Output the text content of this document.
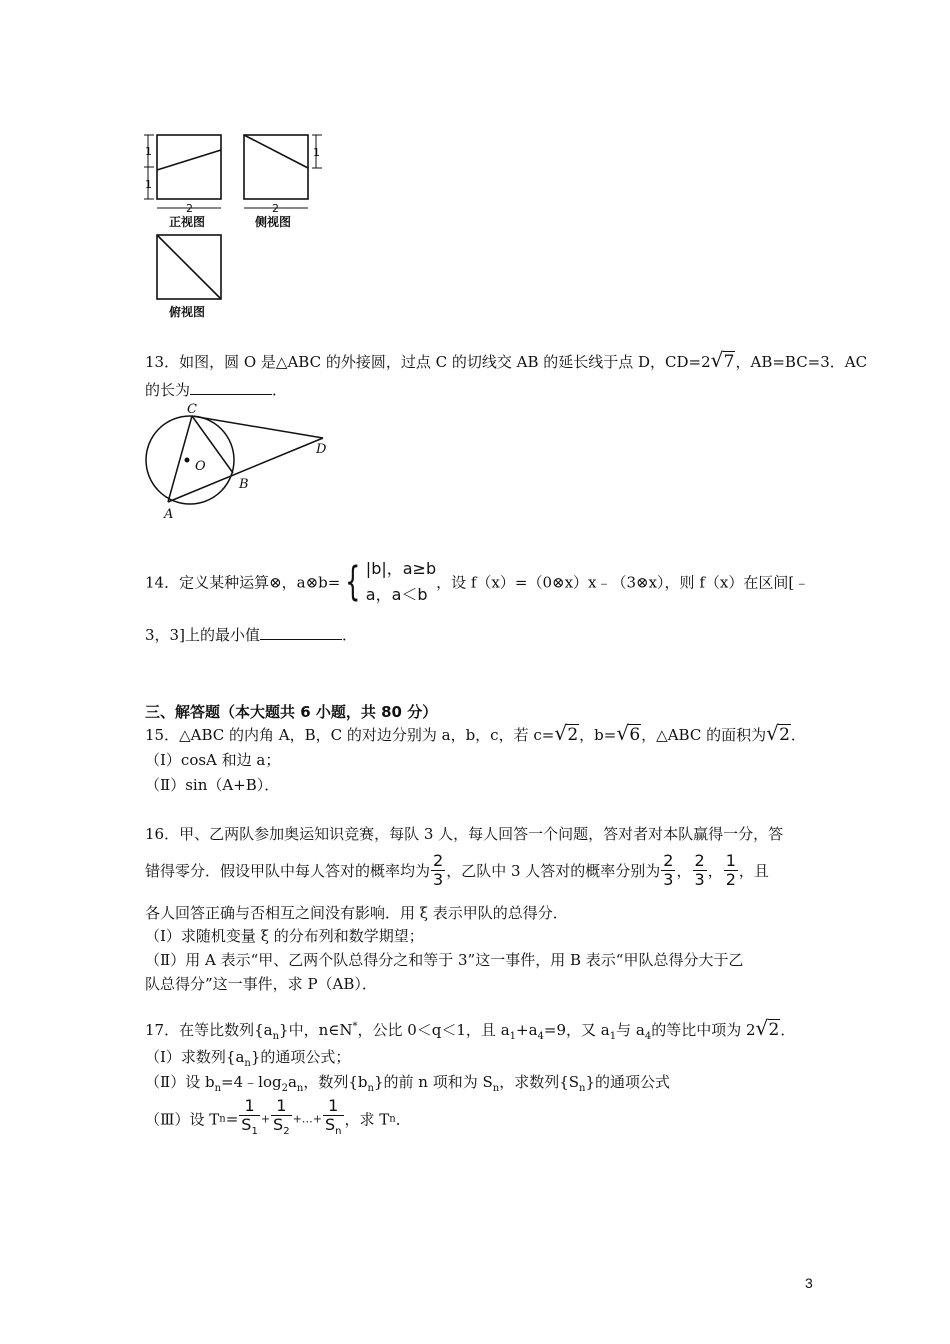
2	2
1
1
1
正视图	侧视图
俯视图
13．如图，圆 O 是△ABC 的外接圆，过点 C 的切线交 AB 的延长线于点 D，CD=2 √ 7，AB=BC=3．AC
的长为	．
C
O
B
A
D
14．定义某种运算⊗，a⊗b= { |b|，a≥b
a，a＜b
，设 f（x）=（0⊗x）x﹣（3⊗x），则 f（x）在区间[﹣
3，3]上的最小值	．
三、解答题（本大题共 6 小题，共 80 分）
15．△ABC 的内角 A，B，C 的对边分别为 a，b，c，若 c= √ 2，b= √ 6，△ABC 的面积为 √ 2．
（Ⅰ）cosA 和边 a；
（Ⅱ）sin（A+B）．
16．甲、乙两队参加奥运知识竞赛，每队 3 人，每人回答一个问题，答对者对本队赢得一分，答
错得零分．假设甲队中每人答对的概率均为 $\frac{2}{3}$ ，乙队中 3 人答对的概率分别为 $\frac{2}{3}$ ， $\frac{2}{3}$ ， $\frac{1}{2}$ ，且
各人回答正确与否相互之间没有影响．用 ξ 表示甲队的总得分．
（Ⅰ）求随机变量 ξ 的分布列和数学期望；
（Ⅱ）用 A 表示“甲、乙两个队总得分之和等于 3”这一事件，用 B 表示“甲队总得分大于乙
队总得分”这一事件，求 P（AB）．
17．在等比数列$\{a_n\}$中，n∈N*，公比 0＜q＜1，且 $a_1+a_4=9$，又 $a_1$与 $a_4$的等比中项为 2 √ 2．
（Ⅰ）求数列$\{a_n\}$的通项公式；
（Ⅱ）设 $b_n=4﹣\log_2a_n$，数列$\{b_n\}$的前 n 项和为 $S_n$，求数列$\{S_n\}$的通项公式
（Ⅲ）设 $Tn= \frac{1}{S_1} + \frac{1}{S_2}$ +…+ $\frac{1}{S_n}$ ，求 Tn．
3
